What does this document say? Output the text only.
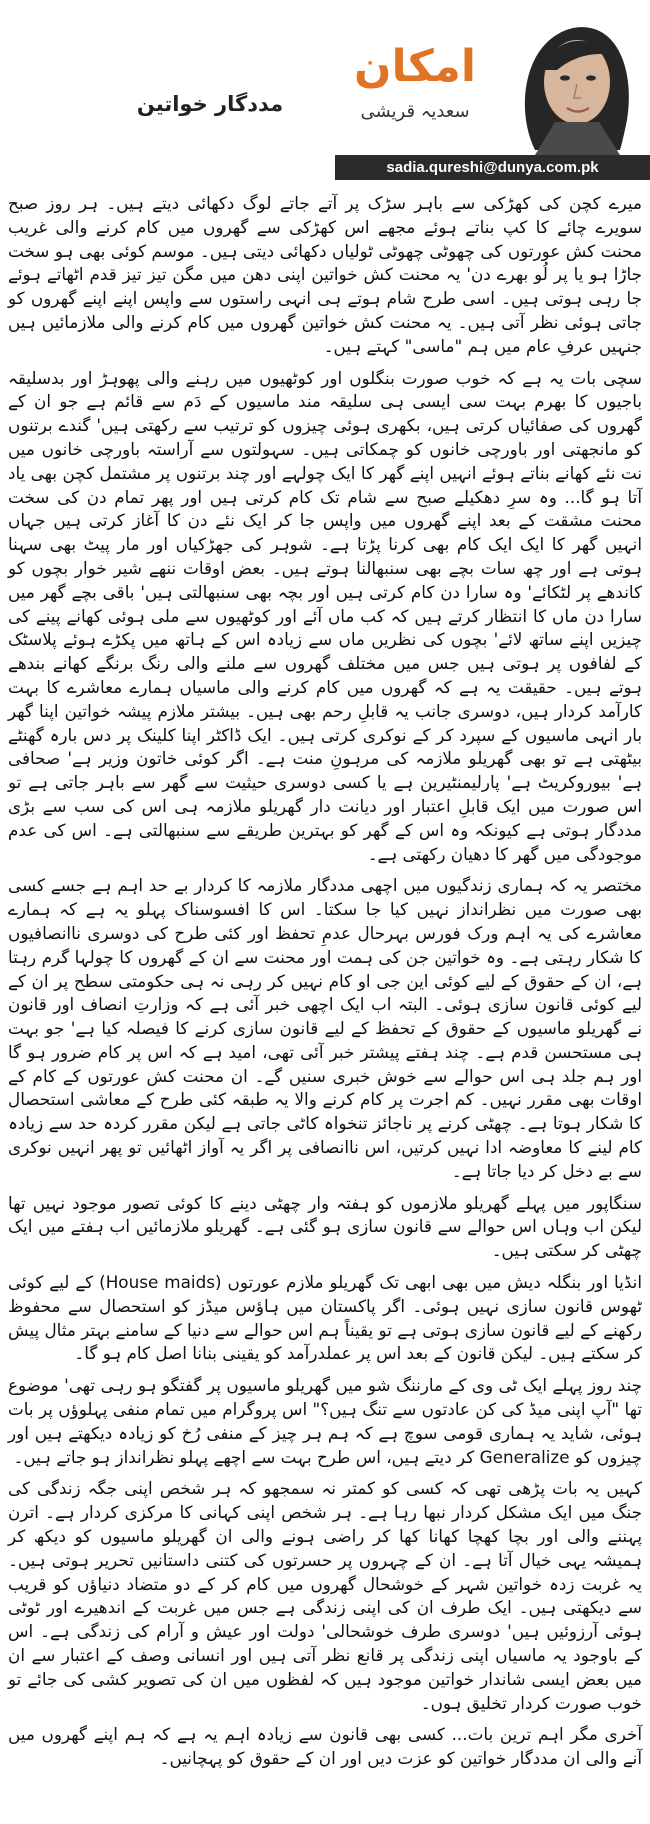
مددگار خواتین
امکان
سعدیہ قریشی
sadia.qureshi@dunya.com.pk

میرے کچن کی کھڑکی سے باہر سڑک پر آتے جاتے لوگ دکھائی دیتے ہیں۔ ہر روز صبح سویرے چائے کا کپ بناتے ہوئے مجھے اس کھڑکی سے گھروں میں کام کرنے والی غریب محنت کش عورتوں کی چھوٹی چھوٹی ٹولیاں دکھائی دیتی ہیں۔ موسم کوئی بھی ہو سخت جاڑا ہو یا پر لُو بھرے دن' یہ محنت کش خواتین اپنی دھن میں مگن تیز تیز قدم اٹھاتے ہوئے جا رہی ہوتی ہیں۔ اسی طرح شام ہوتے ہی انہی راستوں سے واپس اپنے اپنے گھروں کو جاتی ہوئی نظر آتی ہیں۔ یہ محنت کش خواتین گھروں میں کام کرنے والی ملازمائیں ہیں جنہیں عرفِ عام میں ہم "ماسی" کہتے ہیں۔

سچی بات یہ ہے کہ خوب صورت بنگلوں اور کوٹھیوں میں رہنے والی پھوہڑ اور بدسلیقہ باجیوں کا بھرم بہت سی ایسی ہی سلیقہ مند ماسیوں کے دَم سے قائم ہے جو ان کے گھروں کی صفائیاں کرتی ہیں، بکھری ہوئی چیزوں کو ترتیب سے رکھتی ہیں' گندے برتنوں کو مانجھتی اور باورچی خانوں کو چمکاتی ہیں۔ سہولتوں سے آراستہ باورچی خانوں میں نت نئے کھانے بناتے ہوئے انہیں اپنے گھر کا ایک چولہے اور چند برتنوں پر مشتمل کچن بھی یاد آتا ہو گا... وہ سرِ دھکیلے صبح سے شام تک کام کرتی ہیں اور پھر تمام دن کی سخت محنت مشقت کے بعد اپنے گھروں میں واپس جا کر ایک نئے دن کا آغاز کرتی ہیں جہاں انہیں گھر کا ایک ایک کام بھی کرنا پڑتا ہے۔ شوہر کی جھڑکیاں اور مار پیٹ بھی سہنا ہوتی ہے اور چھ سات بچے بھی سنبھالنا ہوتے ہیں۔ بعض اوقات ننھے شیر خوار بچوں کو کاندھے پر لٹکائے' وہ سارا دن کام کرتی ہیں اور بچہ بھی سنبھالتی ہیں' باقی بچے گھر میں سارا دن ماں کا انتظار کرتے ہیں کہ کب ماں آئے اور کوٹھیوں سے ملی ہوئی کھانے پینے کی چیزیں اپنے ساتھ لائے' بچوں کی نظریں ماں سے زیادہ اس کے ہاتھ میں پکڑے ہوئے پلاسٹک کے لفافوں پر ہوتی ہیں جس میں مختلف گھروں سے ملنے والی رنگ برنگے کھانے بندھے ہوتے ہیں۔ حقیقت یہ ہے کہ گھروں میں کام کرنے والی ماسیاں ہمارے معاشرے کا بہت کارآمد کردار ہیں، دوسری جانب یہ قابلِ رحم بھی ہیں۔ بیشتر ملازم پیشہ خواتین اپنا گھر بار انہی ماسیوں کے سپرد کر کے نوکری کرتی ہیں۔ ایک ڈاکٹر اپنا کلینک پر دس بارہ گھنٹے بیٹھتی ہے تو بھی گھریلو ملازمہ کی مرہونِ منت ہے۔ اگر کوئی خاتون وزیر ہے' صحافی ہے' بیوروکریٹ ہے' پارلیمنٹیرین ہے یا کسی دوسری حیثیت سے گھر سے باہر جاتی ہے تو اس صورت میں ایک قابلِ اعتبار اور دیانت دار گھریلو ملازمہ ہی اس کی سب سے بڑی مددگار ہوتی ہے کیونکہ وہ اس کے گھر کو بہترین طریقے سے سنبھالتی ہے۔ اس کی عدم موجودگی میں گھر کا دھیان رکھتی ہے۔

مختصر یہ کہ ہماری زندگیوں میں اچھی مددگار ملازمہ کا کردار بے حد اہم ہے جسے کسی بھی صورت میں نظرانداز نہیں کیا جا سکتا۔ اس کا افسوسناک پہلو یہ ہے کہ ہمارے معاشرے کی یہ اہم ورک فورس بہرحال عدمِ تحفظ اور کئی طرح کی دوسری ناانصافیوں کا شکار رہتی ہے۔ وہ خواتین جن کی ہمت اور محنت سے ان کے گھروں کا چولہا گرم رہتا ہے، ان کے حقوق کے لیے کوئی این جی او کام نہیں کر رہی نہ ہی حکومتی سطح پر ان کے لیے کوئی قانون سازی ہوئی۔ البتہ اب ایک اچھی خبر آئی ہے کہ وزارتِ انصاف اور قانون نے گھریلو ماسیوں کے حقوق کے تحفظ کے لیے قانون سازی کرنے کا فیصلہ کیا ہے' جو بہت ہی مستحسن قدم ہے۔ چند ہفتے پیشتر خبر آئی تھی، امید ہے کہ اس پر کام ضرور ہو گا اور ہم جلد ہی اس حوالے سے خوش خبری سنیں گے۔ ان محنت کش عورتوں کے کام کے اوقات بھی مقرر نہیں۔ کم اجرت پر کام کرنے والا یہ طبقہ کئی طرح کے معاشی استحصال کا شکار ہوتا ہے۔ چھٹی کرنے پر ناجائز تنخواہ کاٹی جاتی ہے لیکن مقرر کردہ حد سے زیادہ کام لینے کا معاوضہ ادا نہیں کرتیں، اس ناانصافی پر اگر یہ آواز اٹھائیں تو پھر انہیں نوکری سے بے دخل کر دیا جاتا ہے۔

سنگاپور میں پہلے گھریلو ملازموں کو ہفتہ وار چھٹی دینے کا کوئی تصور موجود نہیں تھا لیکن اب وہاں اس حوالے سے قانون سازی ہو گئی ہے۔ گھریلو ملازمائیں اب ہفتے میں ایک چھٹی کر سکتی ہیں۔

انڈیا اور بنگلہ دیش میں بھی ابھی تک گھریلو ملازم عورتوں (House maids) کے لیے کوئی ٹھوس قانون سازی نہیں ہوئی۔ اگر پاکستان میں ہاؤس میڈز کو استحصال سے محفوظ رکھنے کے لیے قانون سازی ہوتی ہے تو یقیناً ہم اس حوالے سے دنیا کے سامنے بہتر مثال پیش کر سکتے ہیں۔ لیکن قانون کے بعد اس پر عملدرآمد کو یقینی بنانا اصل کام ہو گا۔

چند روز پہلے ایک ٹی وی کے مارننگ شو میں گھریلو ماسیوں پر گفتگو ہو رہی تھی' موضوع تھا "آپ اپنی میڈ کی کن عادتوں سے تنگ ہیں؟" اس پروگرام میں تمام منفی پہلوؤں پر بات ہوئی، شاید یہ ہماری قومی سوچ ہے کہ ہم ہر چیز کے منفی رُخ کو زیادہ دیکھتے ہیں اور چیزوں کو Generalize کر دیتے ہیں، اس طرح بہت سے اچھے پہلو نظرانداز ہو جاتے ہیں۔

کہیں یہ بات پڑھی تھی کہ کسی کو کمتر نہ سمجھو کہ ہر شخص اپنی جگہ زندگی کی جنگ میں ایک مشکل کردار نبھا رہا ہے۔ ہر شخص اپنی کہانی کا مرکزی کردار ہے۔ اترن پہننے والی اور بچا کھچا کھانا کھا کر راضی ہونے والی ان گھریلو ماسیوں کو دیکھ کر ہمیشہ یہی خیال آتا ہے۔ ان کے چہروں پر حسرتوں کی کتنی داستانیں تحریر ہوتی ہیں۔ یہ غربت زدہ خواتین شہر کے خوشحال گھروں میں کام کر کے دو متضاد دنیاؤں کو قریب سے دیکھتی ہیں۔ ایک طرف ان کی اپنی زندگی ہے جس میں غربت کے اندھیرے اور ٹوٹی ہوئی آرزوئیں ہیں' دوسری طرف خوشحالی' دولت اور عیش و آرام کی زندگی ہے۔ اس کے باوجود یہ ماسیاں اپنی زندگی پر قانع نظر آتی ہیں اور انسانی وصف کے اعتبار سے ان میں بعض ایسی شاندار خواتین موجود ہیں کہ لفظوں میں ان کی تصویر کشی کی جائے تو خوب صورت کردار تخلیق ہوں۔

آخری مگر اہم ترین بات... کسی بھی قانون سے زیادہ اہم یہ ہے کہ ہم اپنے گھروں میں آنے والی ان مددگار خواتین کو عزت دیں اور ان کے حقوق کو پہچانیں۔
